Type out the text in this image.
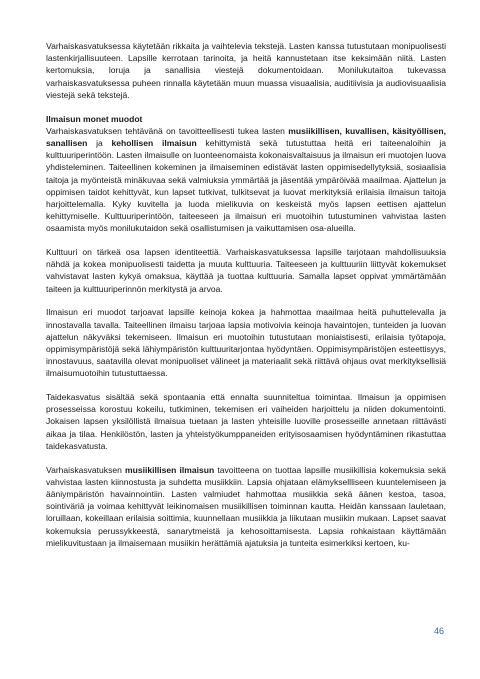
Varhaiskasvatuksessa käytetään rikkaita ja vaihtelevia tekstejä. Lasten kanssa tutustutaan monipuolisesti lastenkirjallisuuteen. Lapsille kerrotaan tarinoita, ja heitä kannustetaan itse keksimään niitä. Lasten kertomuksia, loruja ja sanallisia viestejä dokumentoidaan. Monilukutaitoa tukevassa varhaiskasvatuksessa puheen rinnalla käytetään muun muassa visuaalisia, auditiivisia ja audiovisuaalisia viestejä sekä tekstejä.

Ilmaisun monet muodot

Varhaiskasvatuksen tehtävänä on tavoitteellisesti tukea lasten musiikillisen, kuvallisen, käsityöllisen, sanallisen ja kehollisen ilmaisun kehittymistä sekä tutustuttaa heitä eri taiteenaloihin ja kulttuuriperintöön. Lasten ilmaisulle on luonteenomaista kokonaisvaltaisuus ja ilmaisun eri muotojen luova yhdisteleminen. Taiteellinen kokeminen ja ilmaiseminen edistävät lasten oppimisedellytyksiä, sosiaalisia taitoja ja myönteistä minäkuvaa sekä valmiuksia ymmärtää ja jäsentää ympäröivää maailmaa. Ajattelun ja oppimisen taidot kehittyvät, kun lapset tutkivat, tulkitsevat ja luovat merkityksiä erilaisia ilmaisun taitoja harjoittelemalla. Kyky kuvitella ja luoda mielikuvia on keskeistä myös lapsen eettisen ajattelun kehittymiselle. Kulttuuriperintöön, taiteeseen ja ilmaisun eri muotoihin tutustuminen vahvistaa lasten osaamista myös monilukutaidon sekä osallistumisen ja vaikuttamisen osa-alueilla.

Kulttuuri on tärkeä osa lapsen identiteettiä. Varhaiskasvatuksessa lapsille tarjotaan mahdollisuuksia nähdä ja kokea monipuolisesti taidetta ja muuta kulttuuria. Taiteeseen ja kulttuuriin liittyvät kokemukset vahvistavat lasten kykyä omaksua, käyttää ja tuottaa kulttuuria. Samalla lapset oppivat ymmärtämään taiteen ja kulttuuriperinnön merkitystä ja arvoa.

Ilmaisun eri muodot tarjoavat lapsille keinoja kokea ja hahmottaa maailmaa heitä puhuttelevalla ja innostavalla tavalla. Taiteellinen ilmaisu tarjoaa lapsia motivoivia keinoja havaintojen, tunteiden ja luovan ajattelun näkyväksi tekemiseen. Ilmaisun eri muotoihin tutustutaan moniaistisesti, erilaisia työtapoja, oppimisympäristöjä sekä lähiympäristön kulttuuritarjontaa hyödyntäen. Oppimisympäristöjen esteettisyys, innostavuus, saatavilla olevat monipuoliset välineet ja materiaalit sekä riittävä ohjaus ovat merkityksellisiä ilmaisumuotoihin tutustuttaessa.

Taidekasvatus sisältää sekä spontaania että ennalta suunniteltua toimintaa. Ilmaisun ja oppimisen prosesseissa korostuu kokeilu, tutkiminen, tekemisen eri vaiheiden harjoittelu ja niiden dokumentointi. Jokaisen lapsen yksilöllistä ilmaisua tuetaan ja lasten yhteisille luoville prosesseille annetaan riittävästi aikaa ja tilaa. Henkilöstön, lasten ja yhteistyökumppaneiden erityisosaamisen hyödyntäminen rikastuttaa taidekasvatusta.

Varhaiskasvatuksen musiikillisen ilmaisun tavoitteena on tuottaa lapsille musiikillisia kokemuksia sekä vahvistaa lasten kiinnostusta ja suhdetta musiikkiin. Lapsia ohjataan elämyksellliseen kuuntelemiseen ja ääniympäristön havainnointiin. Lasten valmiudet hahmottaa musiikkia sekä äänen kestoa, tasoa, sointiväriä ja voimaa kehittyvät leikinomaisen musiikillisen toiminnan kautta. Heidän kanssaan lauletaan, loruillaan, kokeillaan erilaisia soittimia, kuunnellaan musiikkia ja liikutaan musiikin mukaan. Lapset saavat kokemuksia perussykkeestä, sanarytmeistä ja kehosoittamisesta. Lapsia rohkaistaan käyttämään mielikuvitustaan ja ilmaisemaan musiikin herättämiä ajatuksia ja tunteita esimerkiksi kertoen, ku-

46
